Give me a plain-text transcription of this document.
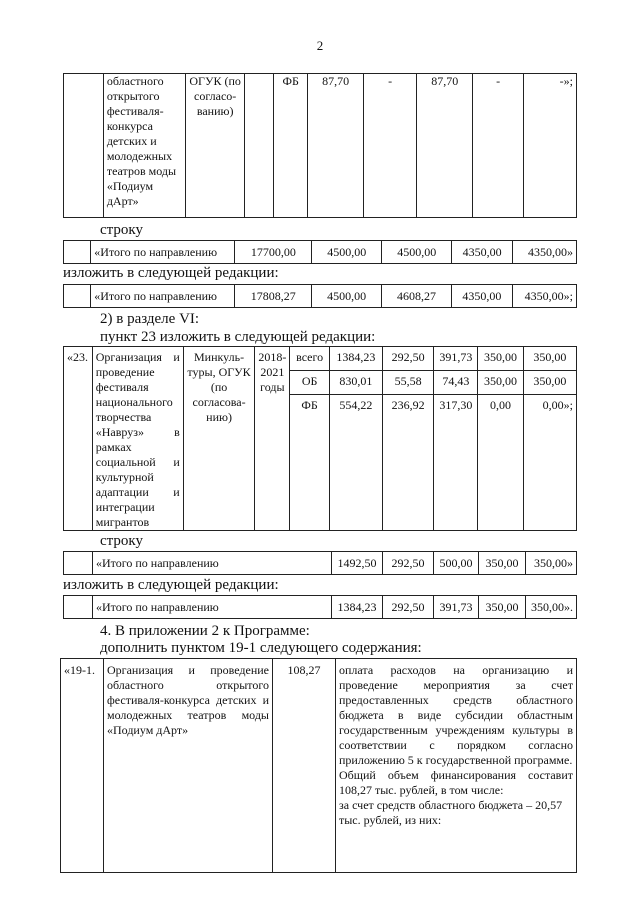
2
	областного открытого фестиваля-конкурса детских и молодежных театров моды «Подиум дАрт»	ОГУК (по согласо-ванию)		ФБ	87,70	-	87,70	-	-»;
строку
	«Итого по направлению	17700,00	4500,00	4500,00	4350,00	4350,00»
изложить в следующей редакции:
	«Итого по направлению	17808,27	4500,00	4608,27	4350,00	4350,00»;
2) в разделе VI:
пункт 23 изложить в следующей редакции:
«23.	Организация и проведение фестиваля национального творчества «Навруз» в рамках социальной и культурной адаптации и интеграции мигрантов	Минкуль-туры, ОГУК (по согласова-нию)	2018-2021 годы	всего	1384,23	292,50	391,73	350,00	350,00
				ОБ	830,01	55,58	74,43	350,00	350,00
				ФБ	554,22	236,92	317,30	0,00	0,00»;
строку
	«Итого по направлению	1492,50	292,50	500,00	350,00	350,00»
изложить в следующей редакции:
	«Итого по направлению	1384,23	292,50	391,73	350,00	350,00».
4. В приложении 2 к Программе:
дополнить пунктом 19-1 следующего содержания:
«19-1.	Организация и проведение областного открытого фестиваля-конкурса детских и молодежных театров моды «Подиум дАрт»	108,27	оплата расходов на организацию и проведение мероприятия за счет предоставленных средств областного бюджета в виде субсидии областным государственным учреждениям культуры в соответствии с порядком согласно приложению 5 к государственной программе.
Общий объем финансирования составит 108,27 тыс. рублей, в том числе:
за счет средств областного бюджета – 20,57 тыс. рублей, из них:
